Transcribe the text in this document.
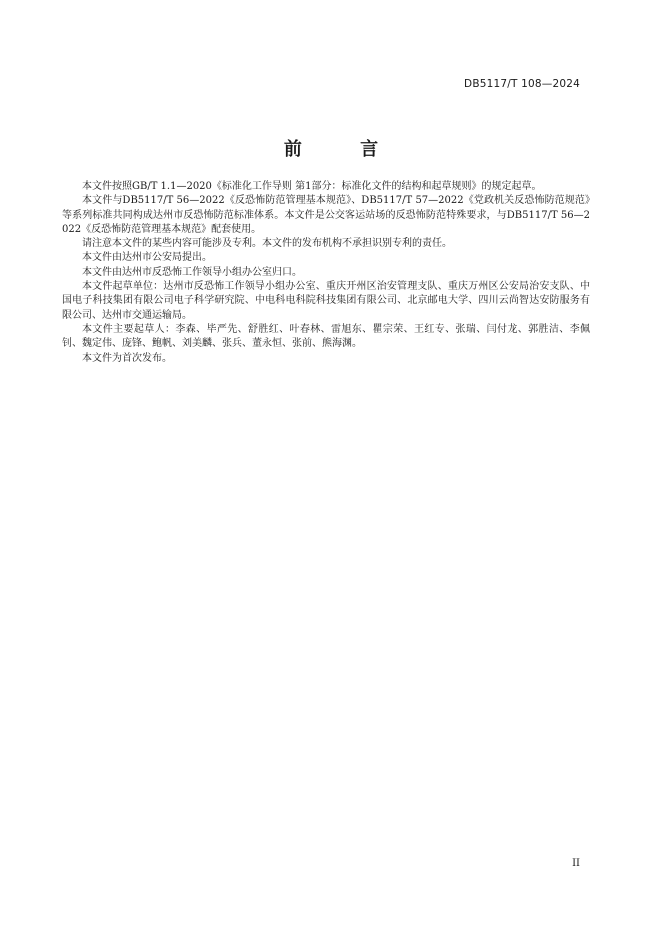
DB5117/T 108—2024
前 言

本文件按照GB/T 1.1—2020《标准化工作导则 第1部分：标准化文件的结构和起草规则》的规定起草。

本文件与DB5117/T 56—2022《反恐怖防范管理基本规范》、DB5117/T 57—2022《党政机关反恐怖防范规范》等系列标准共同构成达州市反恐怖防范标准体系。本文件是公交客运站场的反恐怖防范特殊要求，与DB5117/T 56—2022《反恐怖防范管理基本规范》配套使用。

请注意本文件的某些内容可能涉及专利。本文件的发布机构不承担识别专利的责任。

本文件由达州市公安局提出。

本文件由达州市反恐怖工作领导小组办公室归口。

本文件起草单位：达州市反恐怖工作领导小组办公室、重庆开州区治安管理支队、重庆万州区公安局治安支队、中国电子科技集团有限公司电子科学研究院、中电科电科院科技集团有限公司、北京邮电大学、四川云尚智达安防服务有限公司、达州市交通运输局。

本文件主要起草人：李森、毕严先、舒胜红、叶春林、雷旭东、瞿宗荣、王红专、张瑞、闫付龙、郭胜洁、李佩钊、魏定伟、庞锋、鲍帆、刘美麟、张兵、董永恒、张前、熊海渊。

本文件为首次发布。

II
